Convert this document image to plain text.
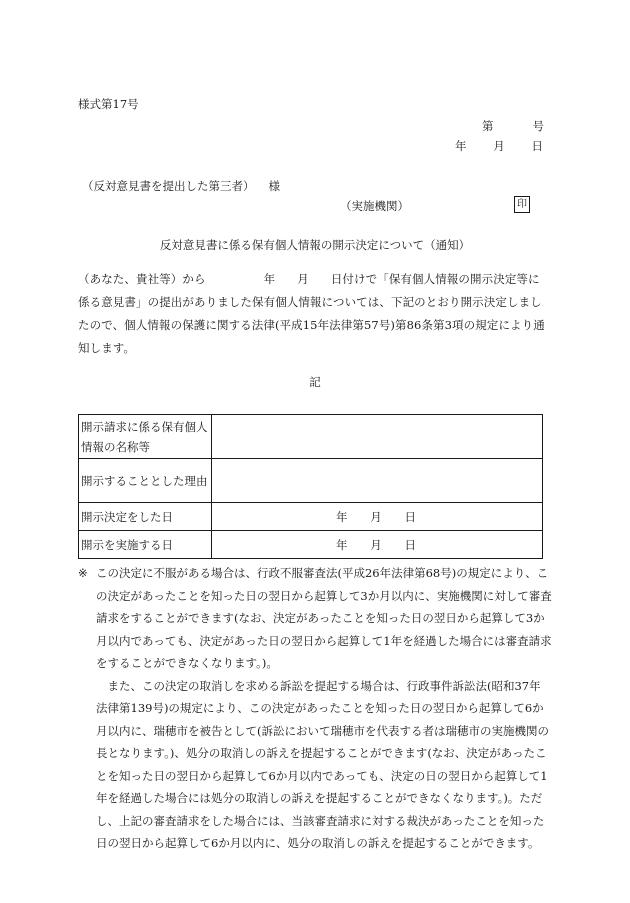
様式第17号
第	号
年 月 日
（反対意見書を提出した第三者） 様
（実施機関）	印
反対意見書に係る保有個人情報の開示決定について（通知）
（あなた、貴社等）から	年 月 日付けで「保有個人情報の開示決定等に係る意見書」の提出がありました保有個人情報については、下記のとおり開示決定しましたので、個人情報の保護に関する法律(平成15年法律第57号)第86条第3項の規定により通知します。
記
開示請求に係る保有個人情報の名称等	
開示することとした理由	
開示決定をした日	年 月 日

開示を実施する日	年 月 日
※ この決定に不服がある場合は、行政不服審査法(平成26年法律第68号)の規定により、この決定があったことを知った日の翌日から起算して3か月以内に、実施機関に対して審査請求をすることができます(なお、決定があったことを知った日の翌日から起算して3か月以内であっても、決定があった日の翌日から起算して1年を経過した場合には審査請求をすることができなくなります。)。
また、この決定の取消しを求める訴訟を提起する場合は、行政事件訴訟法(昭和37年法律第139号)の規定により、この決定があったことを知った日の翌日から起算して6か月以内に、瑞穂市を被告として(訴訟において瑞穂市を代表する者は瑞穂市の実施機関の長となります。)、処分の取消しの訴えを提起することができます(なお、決定があったことを知った日の翌日から起算して6か月以内であっても、決定の日の翌日から起算して1年を経過した場合には処分の取消しの訴えを提起することができなくなります。)。ただし、上記の審査請求をした場合には、当該審査請求に対する裁決があったことを知った日の翌日から起算して6か月以内に、処分の取消しの訴えを提起することができます。
